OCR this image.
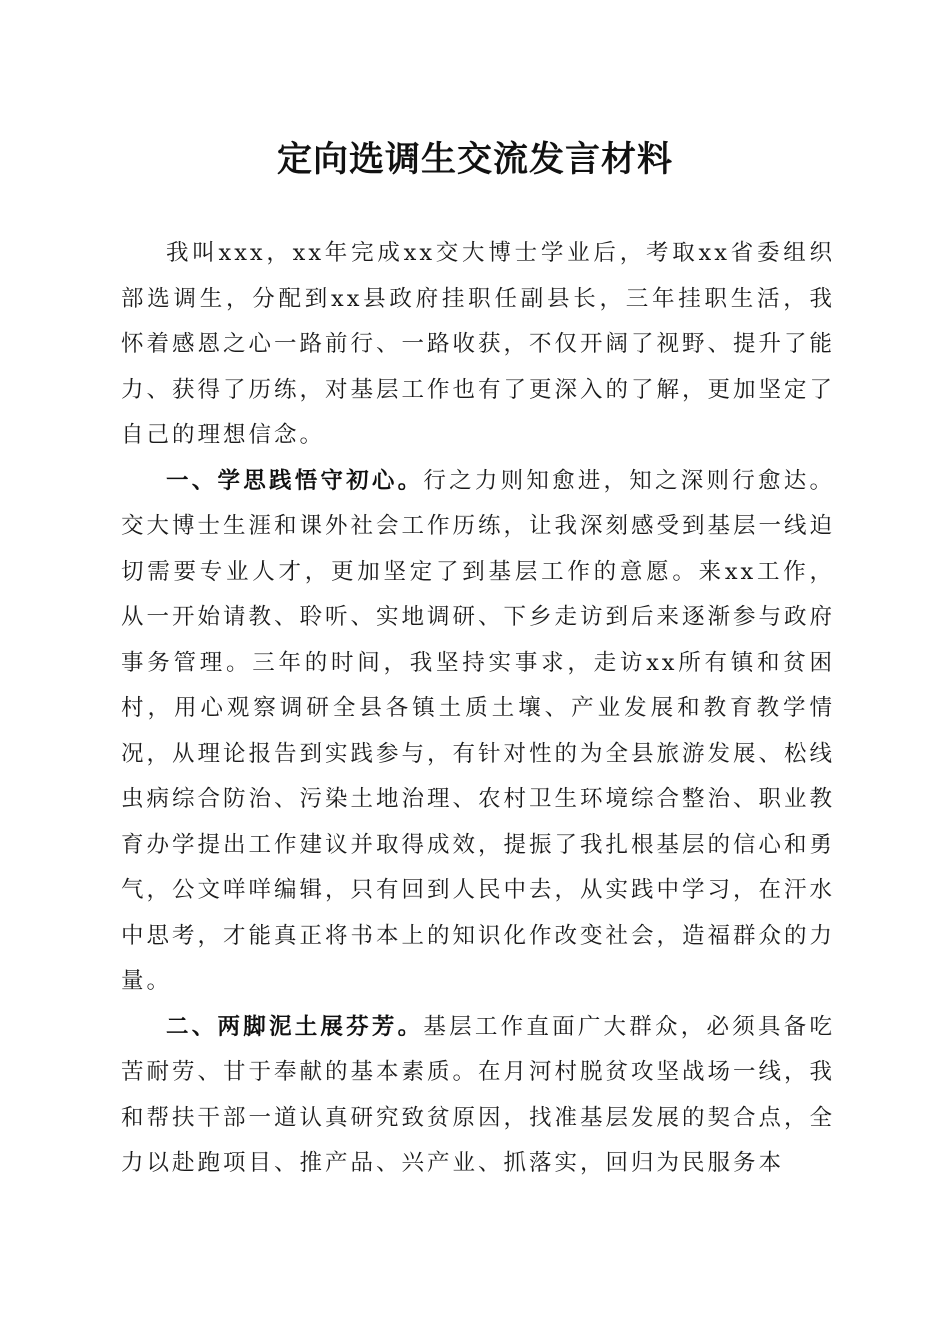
定向选调生交流发言材料

我叫xxx，xx年完成xx交大博士学业后，考取xx省委组织部选调生，分配到xx县政府挂职任副县长，三年挂职生活，我怀着感恩之心一路前行、一路收获，不仅开阔了视野、提升了能力、获得了历练，对基层工作也有了更深入的了解，更加坚定了自己的理想信念。

一、学思践悟守初心。行之力则知愈进，知之深则行愈达。交大博士生涯和课外社会工作历练，让我深刻感受到基层一线迫切需要专业人才，更加坚定了到基层工作的意愿。来xx工作，从一开始请教、聆听、实地调研、下乡走访到后来逐渐参与政府事务管理。三年的时间，我坚持实事求，走访xx所有镇和贫困村，用心观察调研全县各镇土质土壤、产业发展和教育教学情况，从理论报告到实践参与，有针对性的为全县旅游发展、松线虫病综合防治、污染土地治理、农村卫生环境综合整治、职业教育办学提出工作建议并取得成效，提振了我扎根基层的信心和勇气，公文咩咩编辑，只有回到人民中去，从实践中学习，在汗水中思考，才能真正将书本上的知识化作改变社会，造福群众的力量。

二、两脚泥土展芬芳。基层工作直面广大群众，必须具备吃苦耐劳、甘于奉献的基本素质。在月河村脱贫攻坚战场一线，我和帮扶干部一道认真研究致贫原因，找准基层发展的契合点，全力以赴跑项目、推产品、兴产业、抓落实，回归为民服务本
